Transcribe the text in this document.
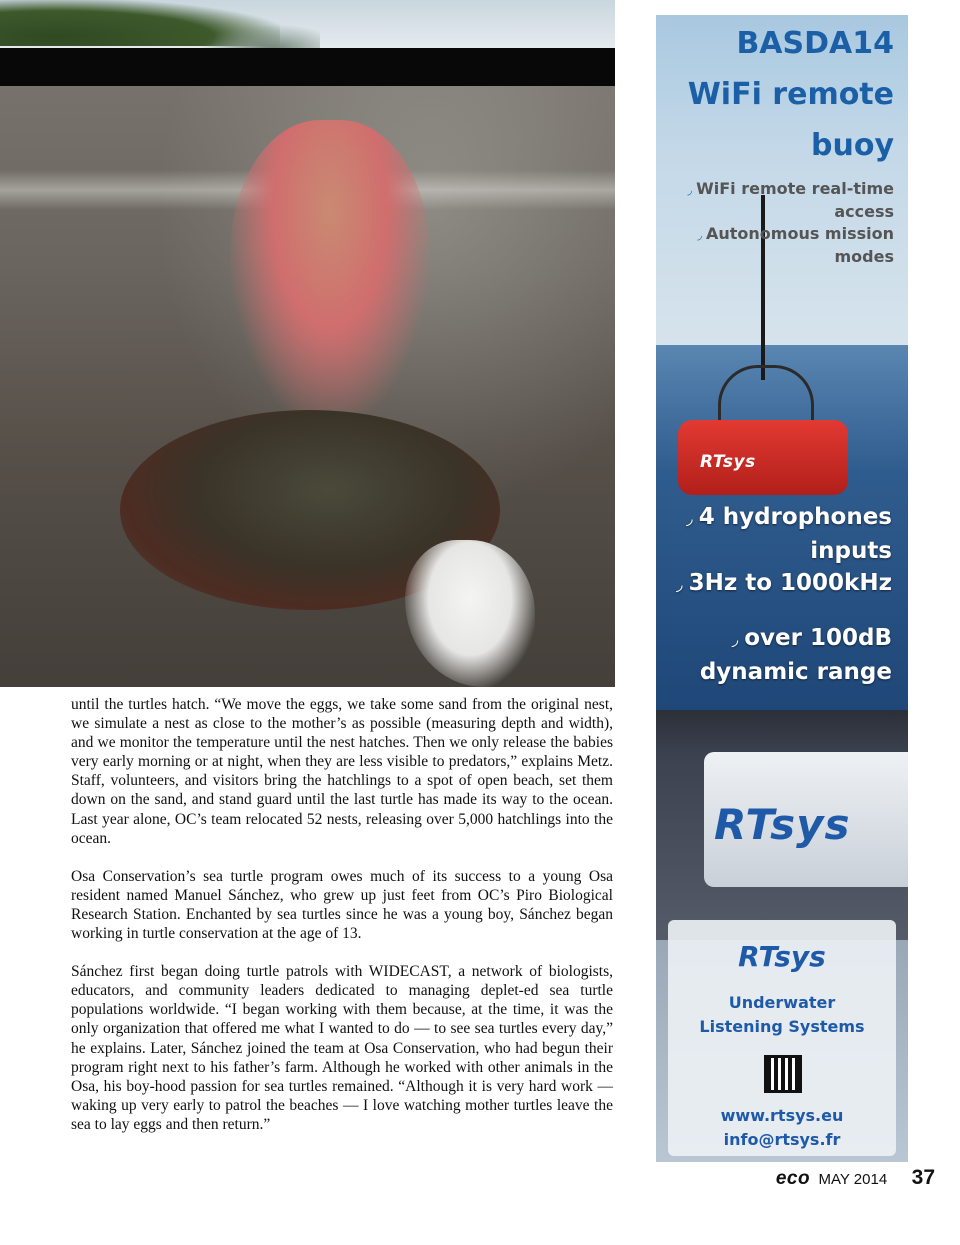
until the turtles hatch. “We move the eggs, we take some sand from the original nest, we simulate a nest as close to the mother’s as possible (measuring depth and width), and we monitor the temperature until the nest hatches. Then we only release the babies very early morning or at night, when they are less visible to predators,” explains Metz. Staff, volunteers, and visitors bring the hatchlings to a spot of open beach, set them down on the sand, and stand guard until the last turtle has made its way to the ocean. Last year alone, OC’s team relocated 52 nests, releasing over 5,000 hatchlings into the ocean.

Osa Conservation’s sea turtle program owes much of its success to a young Osa resident named Manuel Sánchez, who grew up just feet from OC’s Piro Biological Research Station. Enchanted by sea turtles since he was a young boy, Sánchez began working in turtle conservation at the age of 13.

Sánchez first began doing turtle patrols with WIDECAST, a network of biologists, educators, and community leaders dedicated to managing deplet-ed sea turtle populations worldwide. “I began working with them because, at the time, it was the only organization that offered me what I wanted to do — to see sea turtles every day,” he explains. Later, Sánchez joined the team at Osa Conservation, who had begun their program right next to his father’s farm. Although he worked with other animals in the Osa, his boy-hood passion for sea turtles remained. “Although it is very hard work — waking up very early to patrol the beaches — I love watching mother turtles leave the sea to lay eggs and then return.”

RTsys
BASDA14
WiFi remote
buoy
◞ WiFi remote real-time access
◞ Autonomous mission modes
◞ 4 hydrophones inputs
◞ 3Hz to 1000kHz
◞ over 100dB dynamic range
RTsys
RTsys
Underwater
Listening Systems
www.rtsys.eu
info@rtsys.fr
eco MAY 2014 37
